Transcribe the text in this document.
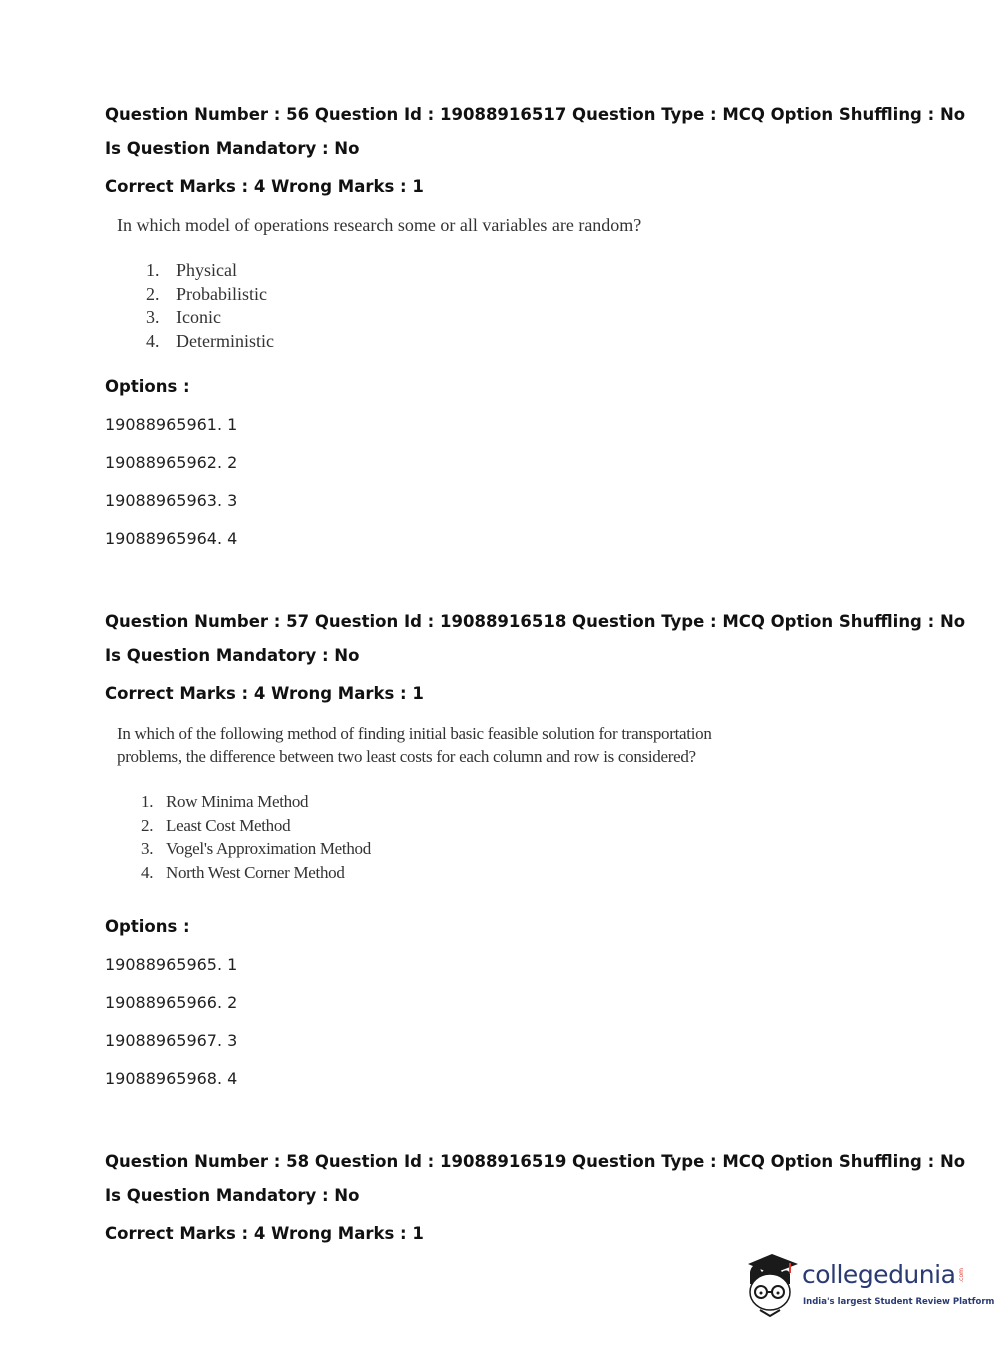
Question Number : 56 Question Id : 19088916517 Question Type : MCQ Option Shuffling : No
Is Question Mandatory : No
Correct Marks : 4 Wrong Marks : 1
In which model of operations research some or all variables are random?
1. Physical
2. Probabilistic
3. Iconic
4. Deterministic
Options :
19088965961. 1
19088965962. 2
19088965963. 3
19088965964. 4
Question Number : 57 Question Id : 19088916518 Question Type : MCQ Option Shuffling : No
Is Question Mandatory : No
Correct Marks : 4 Wrong Marks : 1
In which of the following method of finding initial basic feasible solution for transportation
problems, the difference between two least costs for each column and row is considered?
1. Row Minima Method
2. Least Cost Method
3. Vogel's Approximation Method
4. North West Corner Method
Options :
19088965965. 1
19088965966. 2
19088965967. 3
19088965968. 4
Question Number : 58 Question Id : 19088916519 Question Type : MCQ Option Shuffling : No
Is Question Mandatory : No
Correct Marks : 4 Wrong Marks : 1
collegedunia .com
India's largest Student Review Platform
